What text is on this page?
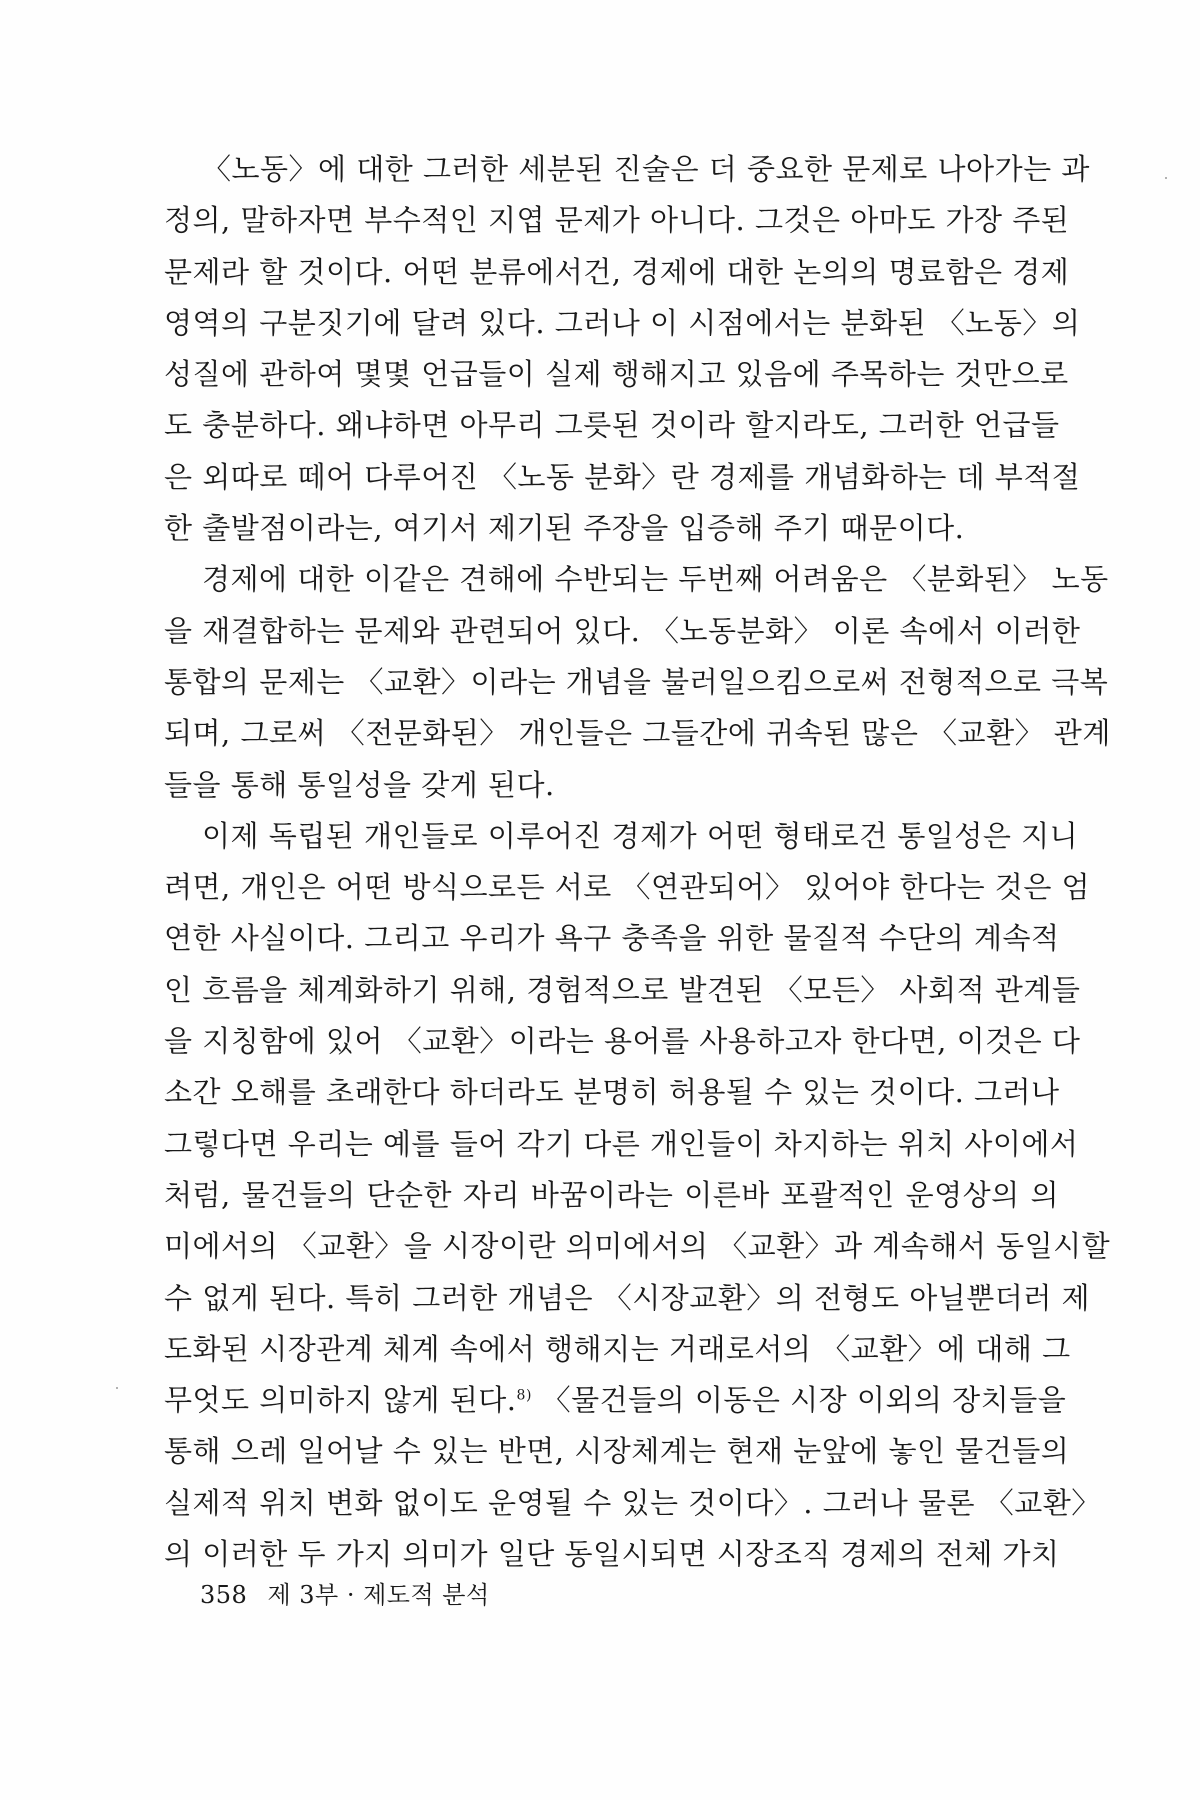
〈노동〉에 대한 그러한 세분된 진술은 더 중요한 문제로 나아가는 과
정의, 말하자면 부수적인 지엽 문제가 아니다. 그것은 아마도 가장 주된
문제라 할 것이다. 어떤 분류에서건, 경제에 대한 논의의 명료함은 경제
영역의 구분짓기에 달려 있다. 그러나 이 시점에서는 분화된 〈노동〉의
성질에 관하여 몇몇 언급들이 실제 행해지고 있음에 주목하는 것만으로
도 충분하다. 왜냐하면 아무리 그릇된 것이라 할지라도, 그러한 언급들
은 외따로 떼어 다루어진 〈노동 분화〉란 경제를 개념화하는 데 부적절
한 출발점이라는, 여기서 제기된 주장을 입증해 주기 때문이다.

경제에 대한 이같은 견해에 수반되는 두번째 어려움은 〈분화된〉 노동
을 재결합하는 문제와 관련되어 있다. 〈노동분화〉 이론 속에서 이러한
통합의 문제는 〈교환〉이라는 개념을 불러일으킴으로써 전형적으로 극복
되며, 그로써 〈전문화된〉 개인들은 그들간에 귀속된 많은 〈교환〉 관계
들을 통해 통일성을 갖게 된다.

이제 독립된 개인들로 이루어진 경제가 어떤 형태로건 통일성은 지니
려면, 개인은 어떤 방식으로든 서로 〈연관되어〉 있어야 한다는 것은 엄
연한 사실이다. 그리고 우리가 욕구 충족을 위한 물질적 수단의 계속적
인 흐름을 체계화하기 위해, 경험적으로 발견된 〈모든〉 사회적 관계들
을 지칭함에 있어 〈교환〉이라는 용어를 사용하고자 한다면, 이것은 다
소간 오해를 초래한다 하더라도 분명히 허용될 수 있는 것이다. 그러나
그렇다면 우리는 예를 들어 각기 다른 개인들이 차지하는 위치 사이에서
처럼, 물건들의 단순한 자리 바꿈이라는 이른바 포괄적인 운영상의 의
미에서의 〈교환〉을 시장이란 의미에서의 〈교환〉과 계속해서 동일시할
수 없게 된다. 특히 그러한 개념은 〈시장교환〉의 전형도 아닐뿐더러 제
도화된 시장관계 체계 속에서 행해지는 거래로서의 〈교환〉에 대해 그
무엇도 의미하지 않게 된다.$^{8)}$ 〈물건들의 이동은 시장 이외의 장치들을
통해 으레 일어날 수 있는 반면, 시장체계는 현재 눈앞에 놓인 물건들의
실제적 위치 변화 없이도 운영될 수 있는 것이다〉. 그러나 물론 〈교환〉
의 이러한 두 가지 의미가 일단 동일시되면 시장조직 경제의 전체 가치

358 제 3부 · 제도적 분석
